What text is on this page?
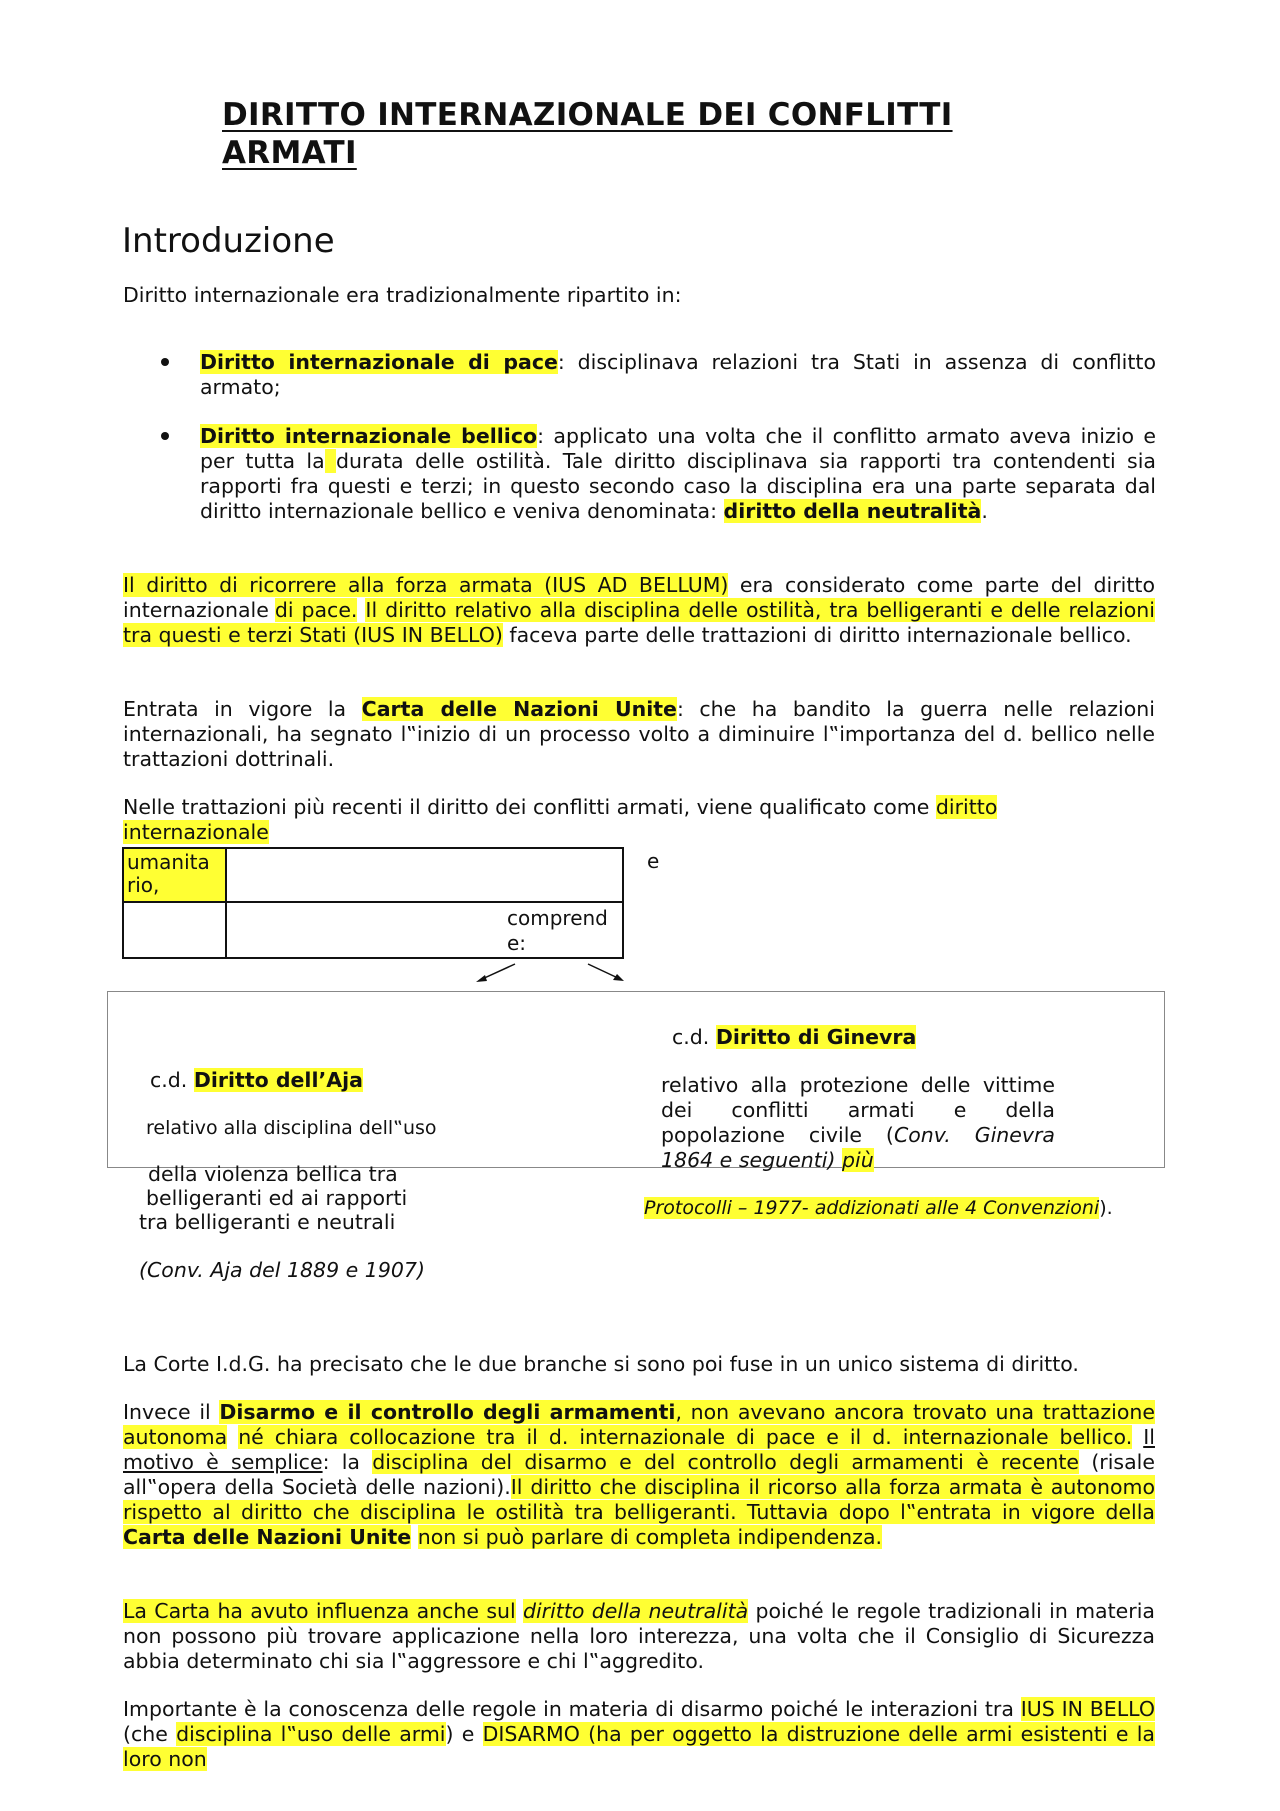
DIRITTO INTERNAZIONALE DEI CONFLITTI ARMATI
Introduzione

Diritto internazionale era tradizionalmente ripartito in:

Diritto internazionale di pace: disciplinava relazioni tra Stati in assenza di conflitto armato;

Diritto internazionale bellico: applicato una volta che il conflitto armato aveva inizio e per tutta la durata delle ostilità. Tale diritto disciplinava sia rapporti tra contendenti sia rapporti fra questi e terzi; in questo secondo caso la disciplina era una parte separata dal diritto internazionale bellico e veniva denominata: diritto della neutralità.

Il diritto di ricorrere alla forza armata (IUS AD BELLUM) era considerato come parte del diritto internazionale di pace. Il diritto relativo alla disciplina delle ostilità, tra belligeranti e delle relazioni tra questi e terzi Stati (IUS IN BELLO) faceva parte delle trattazioni di diritto internazionale bellico.

Entrata in vigore la Carta delle Nazioni Unite: che ha bandito la guerra nelle relazioni internazionali, ha segnato l‟inizio di un processo volto a diminuire l‟importanza del d. bellico nelle trattazioni dottrinali.

Nelle trattazioni più recenti il diritto dei conflitti armati, viene qualificato come diritto internazionale

umanita rio,
e
comprend e:

c.d. Diritto dell’Aja

relativo alla disciplina dell‟uso

della violenza bellica tra

belligeranti ed ai rapporti

tra belligeranti e neutrali

(Conv. Aja del 1889 e 1907)

c.d. Diritto di Ginevra

relativo alla protezione delle vittime dei conflitti armati e della popolazione civile (Conv. Ginevra 1864 e seguenti) più

Protocolli – 1977- addizionati alle 4 Convenzioni).

La Corte I.d.G. ha precisato che le due branche si sono poi fuse in un unico sistema di diritto.

Invece il Disarmo e il controllo degli armamenti, non avevano ancora trovato una trattazione autonoma né chiara collocazione tra il d. internazionale di pace e il d. internazionale bellico. Il motivo è semplice: la disciplina del disarmo e del controllo degli armamenti è recente (risale all‟opera della Società delle nazioni).Il diritto che disciplina il ricorso alla forza armata è autonomo rispetto al diritto che disciplina le ostilità tra belligeranti. Tuttavia dopo l‟entrata in vigore della Carta delle Nazioni Unite non si può parlare di completa indipendenza.

La Carta ha avuto influenza anche sul diritto della neutralità poiché le regole tradizionali in materia non possono più trovare applicazione nella loro interezza, una volta che il Consiglio di Sicurezza abbia determinato chi sia l‟aggressore e chi l‟aggredito.

Importante è la conoscenza delle regole in materia di disarmo poiché le interazioni tra IUS IN BELLO (che disciplina l‟uso delle armi) e DISARMO (ha per oggetto la distruzione delle armi esistenti e la loro non
